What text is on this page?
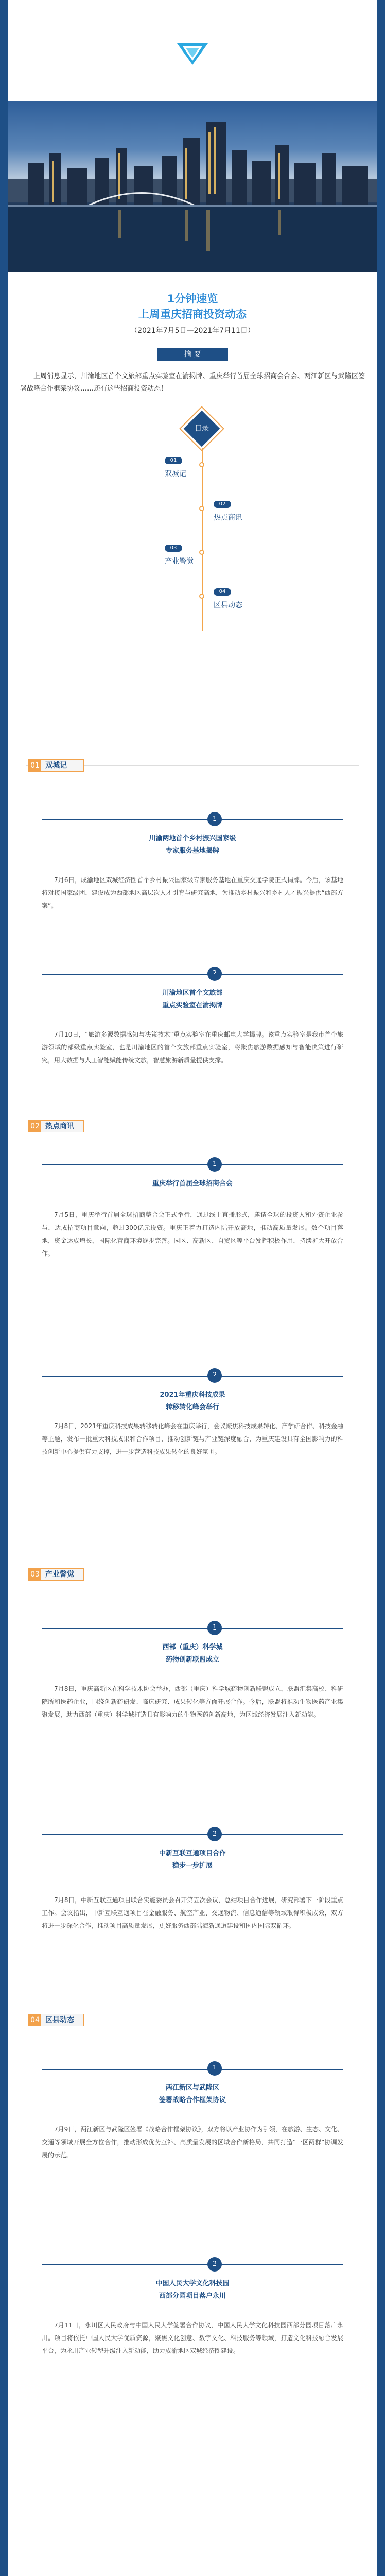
1分钟速览
上周重庆招商投资动态
（2021年7月5日—2021年7月11日）
摘 要
上周消息显示，川渝地区首个文旅部重点实验室在渝揭牌、重庆举行首届全球招商会合会、两江新区与武隆区签署战略合作框架协议……还有这些招商投资动态！
目录
01
双城记
02
热点商讯
03
产业警觉
04
区县动态
01 双城记
川渝两地首个乡村振兴国家级
专家服务基地揭牌
7月6日，成渝地区双城经济圈首个乡村振兴国家级专家服务基地在重庆交通学院正式揭牌。今后，该基地将对接国家级团，建设成为西部地区高层次人才引育与研究高地，为推动乡村振兴和乡村人才振兴提供“西部方案”。
川渝地区首个文旅部
重点实验室在渝揭牌
7月10日，“旅游多源数据感知与决策技术”重点实验室在重庆邮电大学揭牌。该重点实验室是我市首个旅游领域的部级重点实验室，也是川渝地区的首个文旅部重点实验室，将聚焦旅游数据感知与智能决策进行研究，用大数据与人工智能赋能传统文旅，智慧旅游新质量提供支撑。
02 热点商讯
重庆举行首届全球招商合会
7月5日，重庆举行首届全球招商整合会正式举行，通过线上直播形式，邀请全球的投资人和外资企业参与，达成招商项目意向，超过300亿元投资。重庆正着力打造内陆开放高地，推动高质量发展。数个项目落地，资金达成增长，国际化营商环境逐步完善。园区、高新区、自贸区等平台发挥积极作用，持续扩大开放合作。
2021年重庆科技成果
转移转化峰会举行
7月8日，2021年重庆科技成果转移转化峰会在重庆举行，会议聚焦科技成果转化、产学研合作、科技金融等主题，发布一批重大科技成果和合作项目，推动创新链与产业链深度融合，为重庆建设具有全国影响力的科技创新中心提供有力支撑，进一步营造科技成果转化的良好氛围。
03 产业警觉
西部（重庆）科学城
药物创新联盟成立
7月8日，重庆高新区在科学技术协会举办，西部（重庆）科学城药物创新联盟成立，联盟汇集高校、科研院所和医药企业，围绕创新药研发、临床研究、成果转化等方面开展合作。今后，联盟将推动生物医药产业集聚发展，助力西部（重庆）科学城打造具有影响力的生物医药创新高地，为区域经济发展注入新动能。
中新互联互通项目合作
稳步一步扩展
7月8日，中新互联互通项目联合实施委员会召开第五次会议，总结项目合作进展，研究部署下一阶段重点工作。会议指出，中新互联互通项目在金融服务、航空产业、交通物流、信息通信等领域取得积极成效，双方将进一步深化合作，推动项目高质量发展，更好服务西部陆海新通道建设和国内国际双循环。
04 区县动态
两江新区与武隆区
签署战略合作框架协议
7月9日，两江新区与武隆区签署《战略合作框架协议》，双方将以产业协作为引领，在旅游、生态、文化、交通等领域开展全方位合作，推动形成优势互补、高质量发展的区域合作新格局，共同打造“一区两群”协调发展的示范。
中国人民大学文化科技园
西部分园项目落户永川
7月11日，永川区人民政府与中国人民大学签署合作协议，中国人民大学文化科技园西部分园项目落户永川。项目将依托中国人民大学优质资源，聚焦文化创意、数字文化、科技服务等领域，打造文化科技融合发展平台，为永川产业转型升级注入新动能，助力成渝地区双城经济圈建设。
